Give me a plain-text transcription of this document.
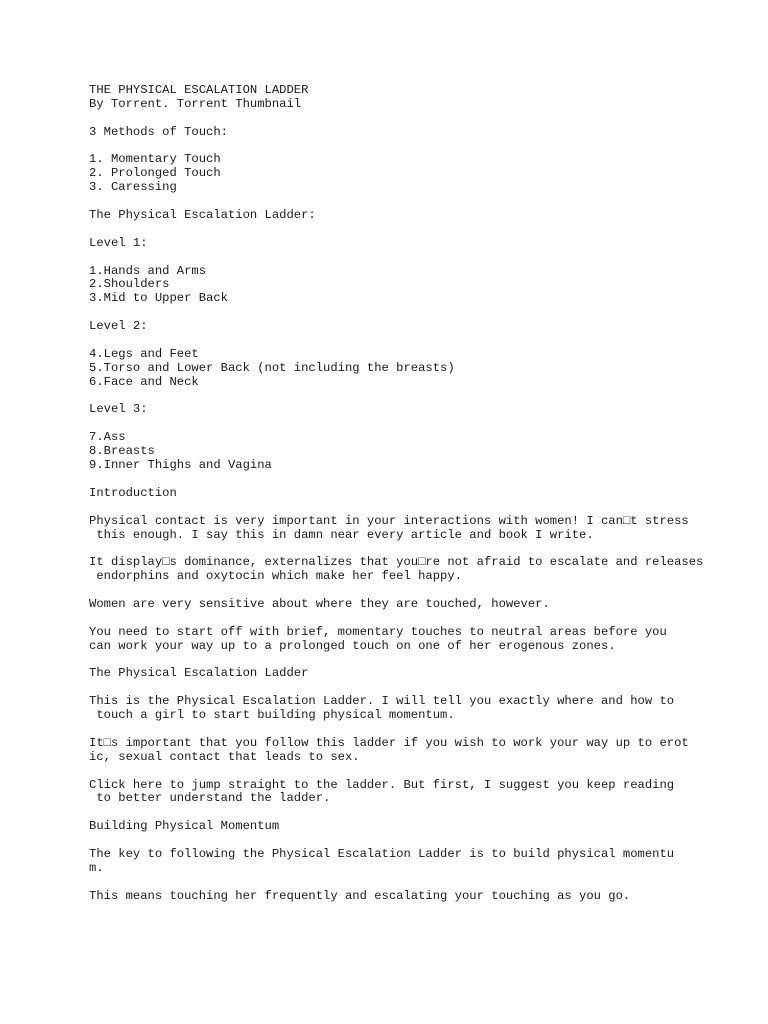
THE PHYSICAL ESCALATION LADDER
By Torrent. Torrent Thumbnail
3 Methods of Touch:
1. Momentary Touch
2. Prolonged Touch
3. Caressing
The Physical Escalation Ladder:
Level 1:
1.Hands and Arms
2.Shoulders
3.Mid to Upper Back
Level 2:
4.Legs and Feet
5.Torso and Lower Back (not including the breasts)
6.Face and Neck
Level 3:
7.Ass
8.Breasts
9.Inner Thighs and Vagina
Introduction
Physical contact is very important in your interactions with women! I can□t stress
this enough. I say this in damn near every article and book I write.
It display□s dominance, externalizes that you□re not afraid to escalate and releases
endorphins and oxytocin which make her feel happy.
Women are very sensitive about where they are touched, however.
You need to start off with brief, momentary touches to neutral areas before you
can work your way up to a prolonged touch on one of her erogenous zones.
The Physical Escalation Ladder
This is the Physical Escalation Ladder. I will tell you exactly where and how to
touch a girl to start building physical momentum.
It□s important that you follow this ladder if you wish to work your way up to erot
ic, sexual contact that leads to sex.
Click here to jump straight to the ladder. But first, I suggest you keep reading
to better understand the ladder.
Building Physical Momentum
The key to following the Physical Escalation Ladder is to build physical momentu
m.
This means touching her frequently and escalating your touching as you go.
